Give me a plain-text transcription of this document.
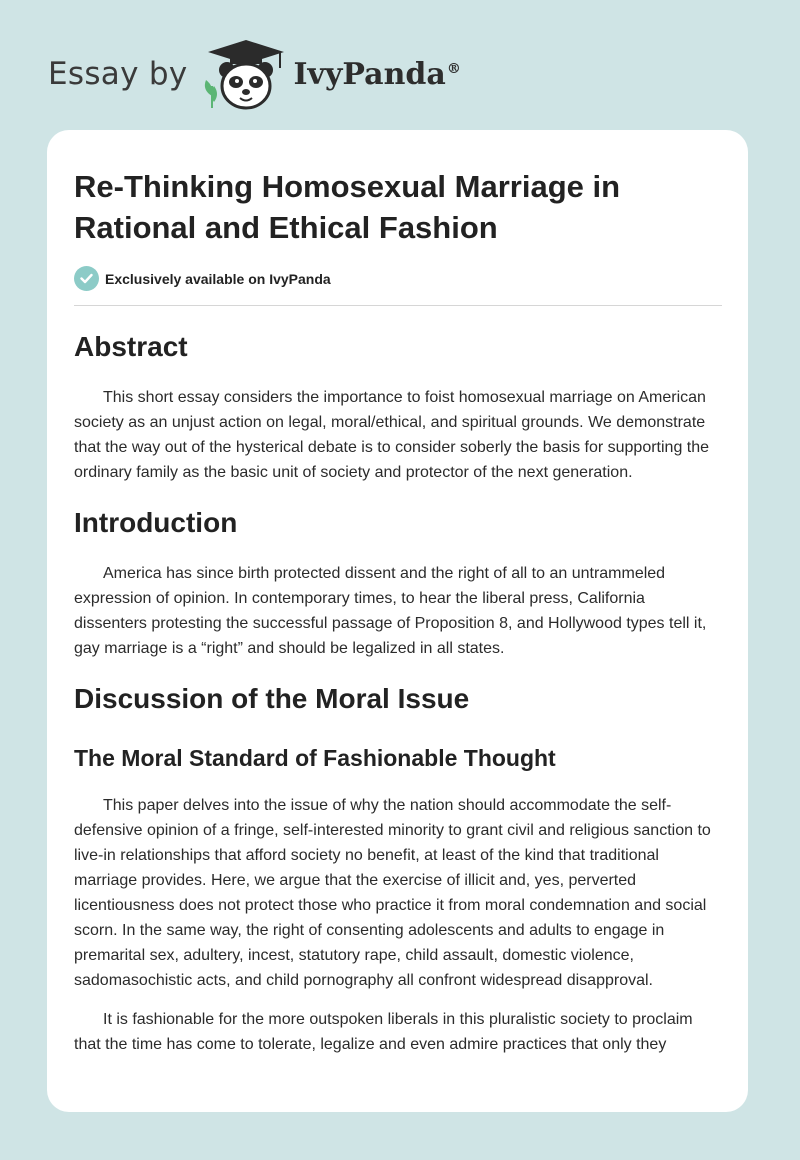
Essay by	IvyPanda®
Re-Thinking Homosexual Marriage in Rational and Ethical Fashion
Exclusively available on IvyPanda
Abstract

This short essay considers the importance to foist homosexual marriage on American society as an unjust action on legal, moral/ethical, and spiritual grounds. We demonstrate that the way out of the hysterical debate is to consider soberly the basis for supporting the ordinary family as the basic unit of society and protector of the next generation.

Introduction

America has since birth protected dissent and the right of all to an untrammeled expression of opinion. In contemporary times, to hear the liberal press, California dissenters protesting the successful passage of Proposition 8, and Hollywood types tell it, gay marriage is a “right” and should be legalized in all states.

Discussion of the Moral Issue
The Moral Standard of Fashionable Thought

This paper delves into the issue of why the nation should accommodate the self-defensive opinion of a fringe, self-interested minority to grant civil and religious sanction to live-in relationships that afford society no benefit, at least of the kind that traditional marriage provides. Here, we argue that the exercise of illicit and, yes, perverted licentiousness does not protect those who practice it from moral condemnation and social scorn. In the same way, the right of consenting adolescents and adults to engage in premarital sex, adultery, incest, statutory rape, child assault, domestic violence, sadomasochistic acts, and child pornography all confront widespread disapproval.

It is fashionable for the more outspoken liberals in this pluralistic society to proclaim that the time has come to tolerate, legalize and even admire practices that only they
